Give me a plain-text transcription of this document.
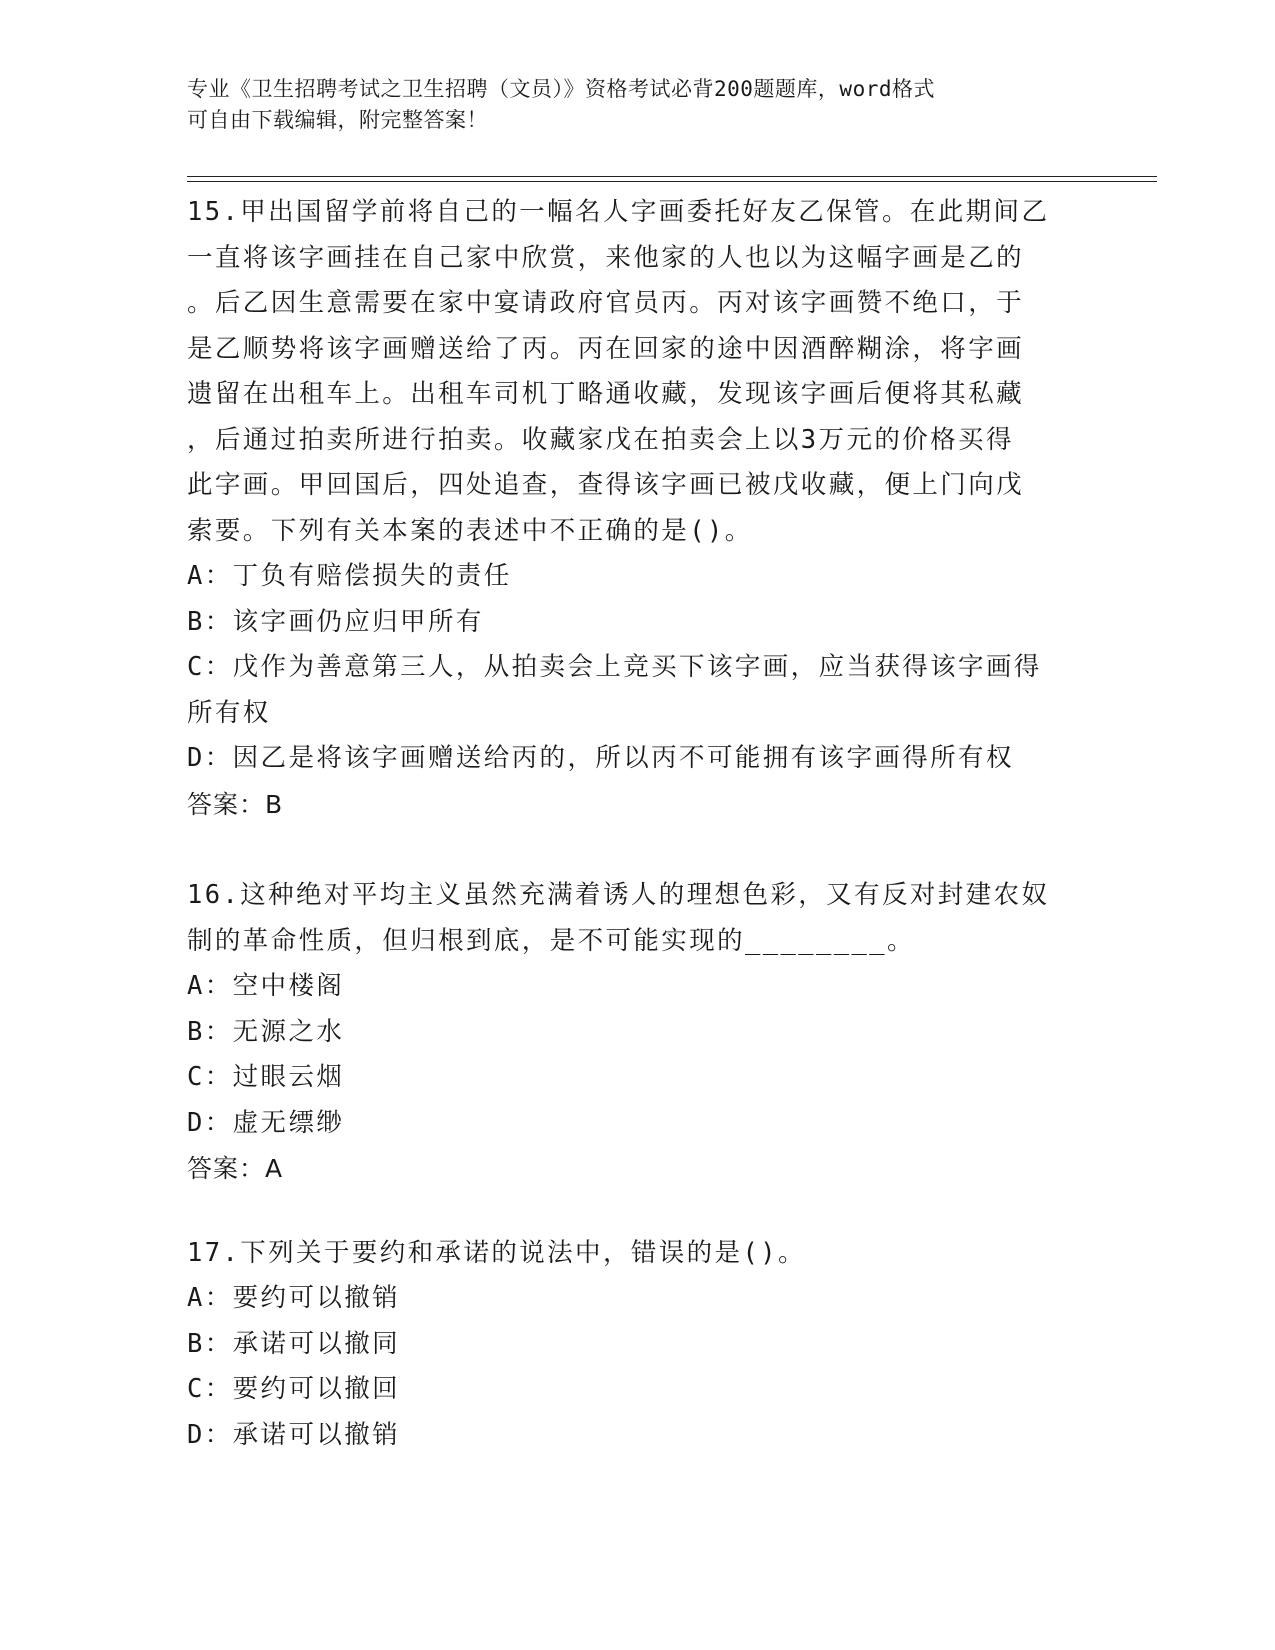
专业《卫生招聘考试之卫生招聘（文员）》资格考试必背200题题库，word格式
可自由下载编辑，附完整答案！
15.甲出国留学前将自己的一幅名人字画委托好友乙保管。在此期间乙
一直将该字画挂在自己家中欣赏，来他家的人也以为这幅字画是乙的
。后乙因生意需要在家中宴请政府官员丙。丙对该字画赞不绝口，于
是乙顺势将该字画赠送给了丙。丙在回家的途中因酒醉糊涂，将字画
遗留在出租车上。出租车司机丁略通收藏，发现该字画后便将其私藏
，后通过拍卖所进行拍卖。收藏家戊在拍卖会上以3万元的价格买得
此字画。甲回国后，四处追查，查得该字画已被戊收藏，便上门向戊
索要。下列有关本案的表述中不正确的是()。
A：丁负有赔偿损失的责任
B：该字画仍应归甲所有
C：戊作为善意第三人，从拍卖会上竞买下该字画，应当获得该字画得
所有权
D：因乙是将该字画赠送给丙的，所以丙不可能拥有该字画得所有权
答案：B
16.这种绝对平均主义虽然充满着诱人的理想色彩，又有反对封建农奴
制的革命性质，但归根到底，是不可能实现的________。
A：空中楼阁
B：无源之水
C：过眼云烟
D：虚无缥缈
答案：A
17.下列关于要约和承诺的说法中，错误的是()。
A：要约可以撤销
B：承诺可以撤同
C：要约可以撤回
D：承诺可以撤销
